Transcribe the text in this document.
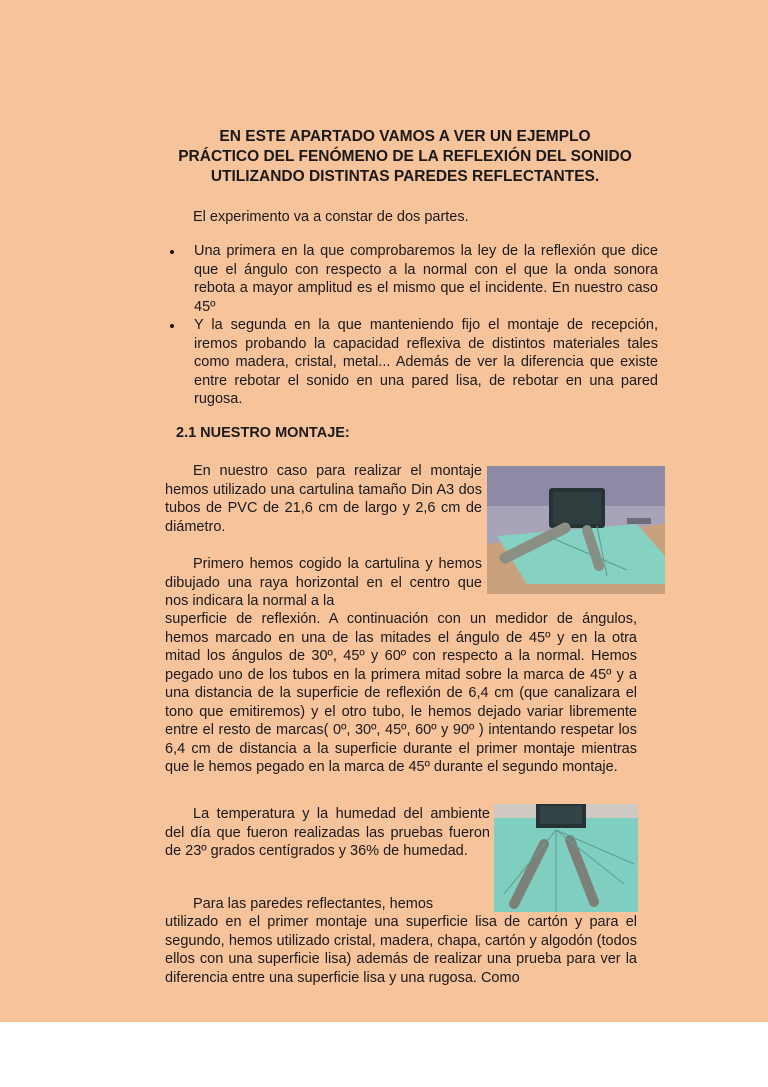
EN ESTE APARTADO VAMOS A VER UN EJEMPLO
PRÁCTICO DEL FENÓMENO DE LA REFLEXIÓN DEL SONIDO
UTILIZANDO DISTINTAS PAREDES REFLECTANTES.

El experimento va a constar de dos partes.

Una primera en la que comprobaremos la ley de la reflexión que dice que el ángulo con respecto a la normal con el que la onda sonora rebota a mayor amplitud es el mismo que el incidente. En nuestro caso 45º
Y la segunda en la que manteniendo fijo el montaje de recepción, iremos probando la capacidad reflexiva de distintos materiales tales como madera, cristal, metal... Además de ver la diferencia que existe entre rebotar el sonido en una pared lisa, de rebotar en una pared rugosa.
2.1 NUESTRO MONTAJE:

En nuestro caso para realizar el montaje hemos utilizado una cartulina tamaño Din A3 dos tubos de PVC de 21,6 cm de largo y 2,6 cm de diámetro.

Primero hemos cogido la cartulina y hemos dibujado una raya horizontal en el centro que nos indicara la normal a la

superficie de reflexión. A continuación con un medidor de ángulos, hemos marcado en una de las mitades el ángulo de 45º y en la otra mitad los ángulos de 30º, 45º y 60º con respecto a la normal. Hemos pegado uno de los tubos en la primera mitad sobre la marca de 45º y a una distancia de la superficie de reflexión de 6,4 cm (que canalizara el tono que emitiremos) y el otro tubo, le hemos dejado variar libremente entre el resto de marcas( 0º, 30º, 45º, 60º y 90º ) intentando respetar los 6,4 cm de distancia a la superficie durante el primer montaje mientras que le hemos pegado en la marca de 45º durante el segundo montaje.

La temperatura y la humedad del ambiente del día que fueron realizadas las pruebas fueron de 23º grados centígrados y 36% de humedad.

Para las paredes reflectantes, hemos

utilizado en el primer montaje una superficie lisa de cartón y para el segundo, hemos utilizado cristal, madera, chapa, cartón y algodón (todos ellos con una superficie lisa) además de realizar una prueba para ver la diferencia entre una superficie lisa y una rugosa. Como
